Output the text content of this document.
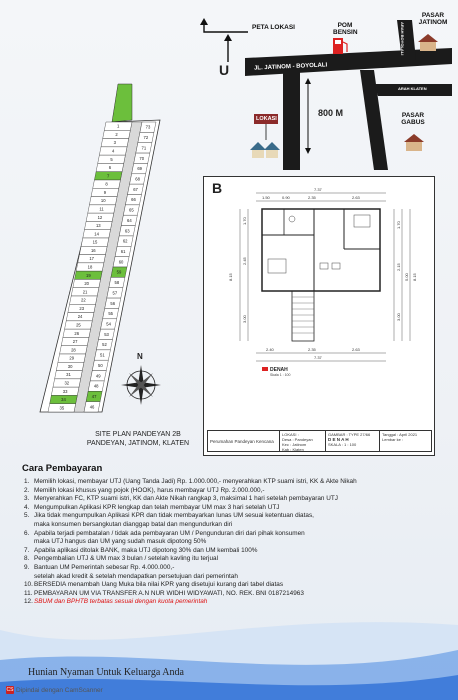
PETA LOKASI	POM
BENSIN
PASAR
JATINOM
JL. JATINOM - BOYOLALI
ARAH BOYOLALI
ARAH KLATEN
U
800 M
LOKASI	PASAR
GABUS
73
72
71
70
69
68
67
66
65
64
63
62
61
60
59
58
57
56
55
54
53
52
51
50
49
48
47
46
1
2
3
4
5
6
7
8
9
10
11
12
13
14
15
16
17
18
19
20
21
22
23
24
25
26
27
28
29
30
31
32
33
34
35
N
SITE PLAN PANDEYAN 2B
PANDEYAN, JATINOM, KLATEN
7.37
1.50	0.90	2.35	2.63
8.15
1.70
2.45
3.00
1.70
2.15
3.00
5.00 8.15
2.40	2.35	2.63
7.37
DENAH
Skala 1 : 100
B
Perumahan Pandeyan Kencana
LOKASI :
Desa : Pandeyan
Kec : Jatinom
Kab : Klaten
GAMBAR : TYPE 27/66
D E N A H
SKALA : 1 : 100
Tanggal : April 2021
Lembar ke :
Cara Pembayaran
1. Memilih lokasi, membayar UTJ (Uang Tanda Jadi) Rp. 1.000.000,- menyerahkan KTP suami istri, KK & Akte Nikah
2. Memilih lokasi khusus yang pojok (HOOK), harus membayar UTJ Rp. 2.000.000,-
3. Menyerahkan FC, KTP suami istri, KK dan Akte Nikah rangkap 3, maksimal 1 hari setelah pembayaran UTJ
4. Mengumpulkan Aplikasi KPR lengkap dan telah membayar UM max 3 hari setelah UTJ
5. Jika tidak mengumpulkan Aplikasi KPR dan tidak membayarkan lunas UM sesuai ketentuan diatas,
maka konsumen bersangkutan dianggap batal dan mengundurkan diri
6. Apabila terjadi pembatalan / tidak ada pembayaran UM / Pengunduran diri dari pihak konsumen
maka UTJ hangus dan UM yang sudah masuk dipotong 50%
7. Apabila aplikasi ditolak BANK, maka UTJ dipotong 30% dan UM kembali 100%
8. Pengembalian UTJ & UM max 3 bulan / setelah kavling itu terjual
9. Bantuan UM Pemerintah sebesar Rp. 4.000.000,-
setelah akad kredit & setelah mendapatkan persetujuan dari pemerintah
10. BERSEDIA menambah Uang Muka bila nilai KPR yang disetujui kurang dari tabel diatas
11. PEMBAYARAN UM VIA TRANSFER A.N NUR WIDHI WIDYAWATI, NO. REK. BNI 0187214963
12. SBUM dan BPHTB terbatas sesuai dengan kuota pemerintah
Hunian Nyaman Untuk Keluarga Anda
CS Dipindai dengan CamScanner
